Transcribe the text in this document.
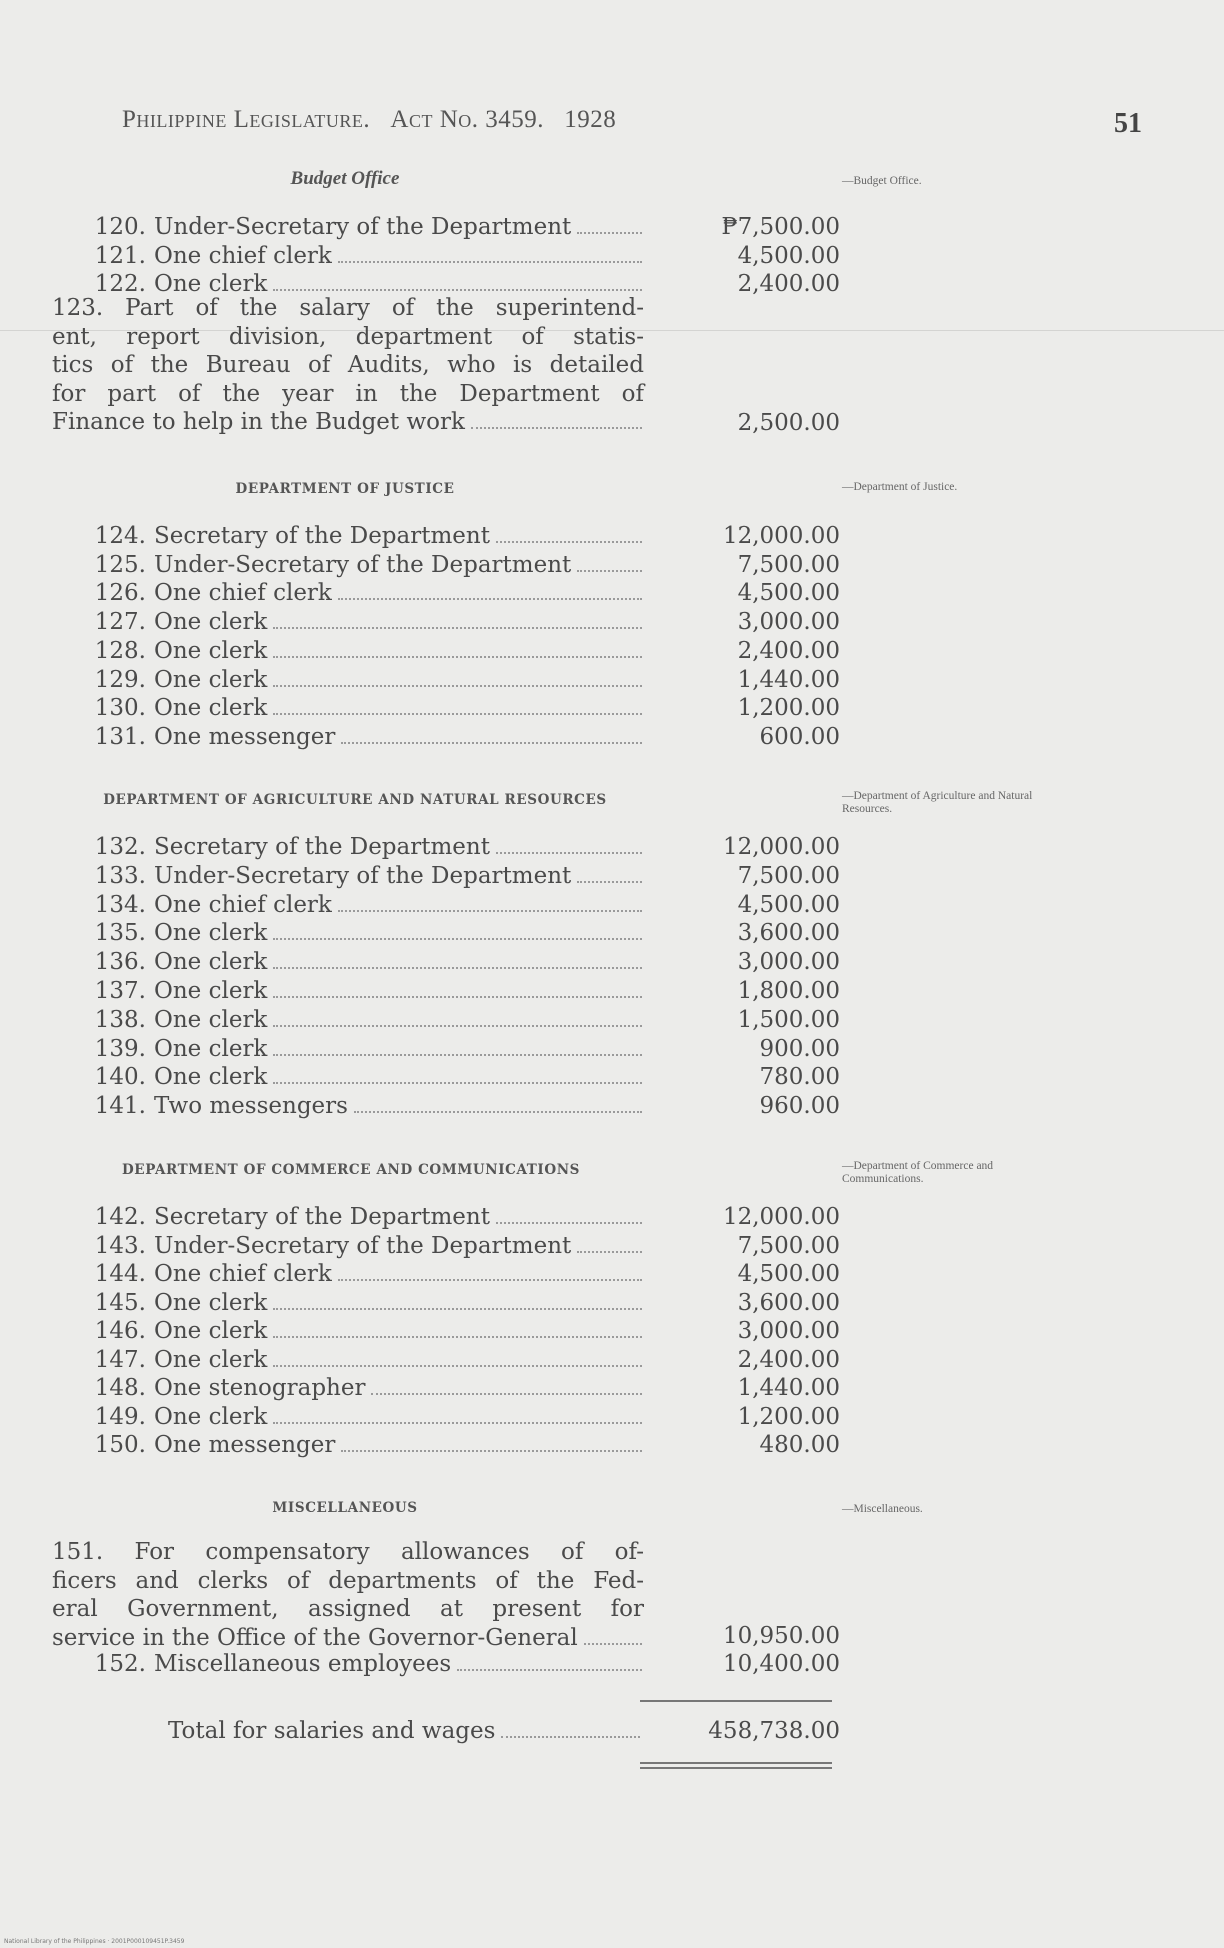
Philippine Legislature. Act No. 3459. 1928	51
Budget Office	—Budget Office.
120. Under-Secretary of the Department	₱7,500.00
121. One chief clerk	4,500.00
122. One clerk	2,400.00
123. Part of the salary of the superintend-
ent, report division, department of statis-
tics of the Bureau of Audits, who is detailed
for part of the year in the Department of
Finance to help in the Budget work	2,500.00
DEPARTMENT OF JUSTICE	—Department of Justice.
124. Secretary of the Department	12,000.00
125. Under-Secretary of the Department	7,500.00
126. One chief clerk	4,500.00
127. One clerk	3,000.00
128. One clerk	2,400.00
129. One clerk	1,440.00
130. One clerk	1,200.00
131. One messenger	600.00
DEPARTMENT OF AGRICULTURE AND NATURAL RESOURCES	—Department of Agriculture and Natural Resources.
132. Secretary of the Department	12,000.00
133. Under-Secretary of the Department	7,500.00
134. One chief clerk	4,500.00
135. One clerk	3,600.00
136. One clerk	3,000.00
137. One clerk	1,800.00
138. One clerk	1,500.00
139. One clerk	900.00
140. One clerk	780.00
141. Two messengers	960.00
DEPARTMENT OF COMMERCE AND COMMUNICATIONS	—Department of Commerce and Communications.
142. Secretary of the Department	12,000.00
143. Under-Secretary of the Department	7,500.00
144. One chief clerk	4,500.00
145. One clerk	3,600.00
146. One clerk	3,000.00
147. One clerk	2,400.00
148. One stenographer	1,440.00
149. One clerk	1,200.00
150. One messenger	480.00
MISCELLANEOUS	—Miscellaneous.
151. For compensatory allowances of of-
ficers and clerks of departments of the Fed-
eral Government, assigned at present for
service in the Office of the Governor-General	10,950.00
152. Miscellaneous employees	10,400.00
Total for salaries and wages	458,738.00
National Library of the Philippines · 2001P000109451P.3459
